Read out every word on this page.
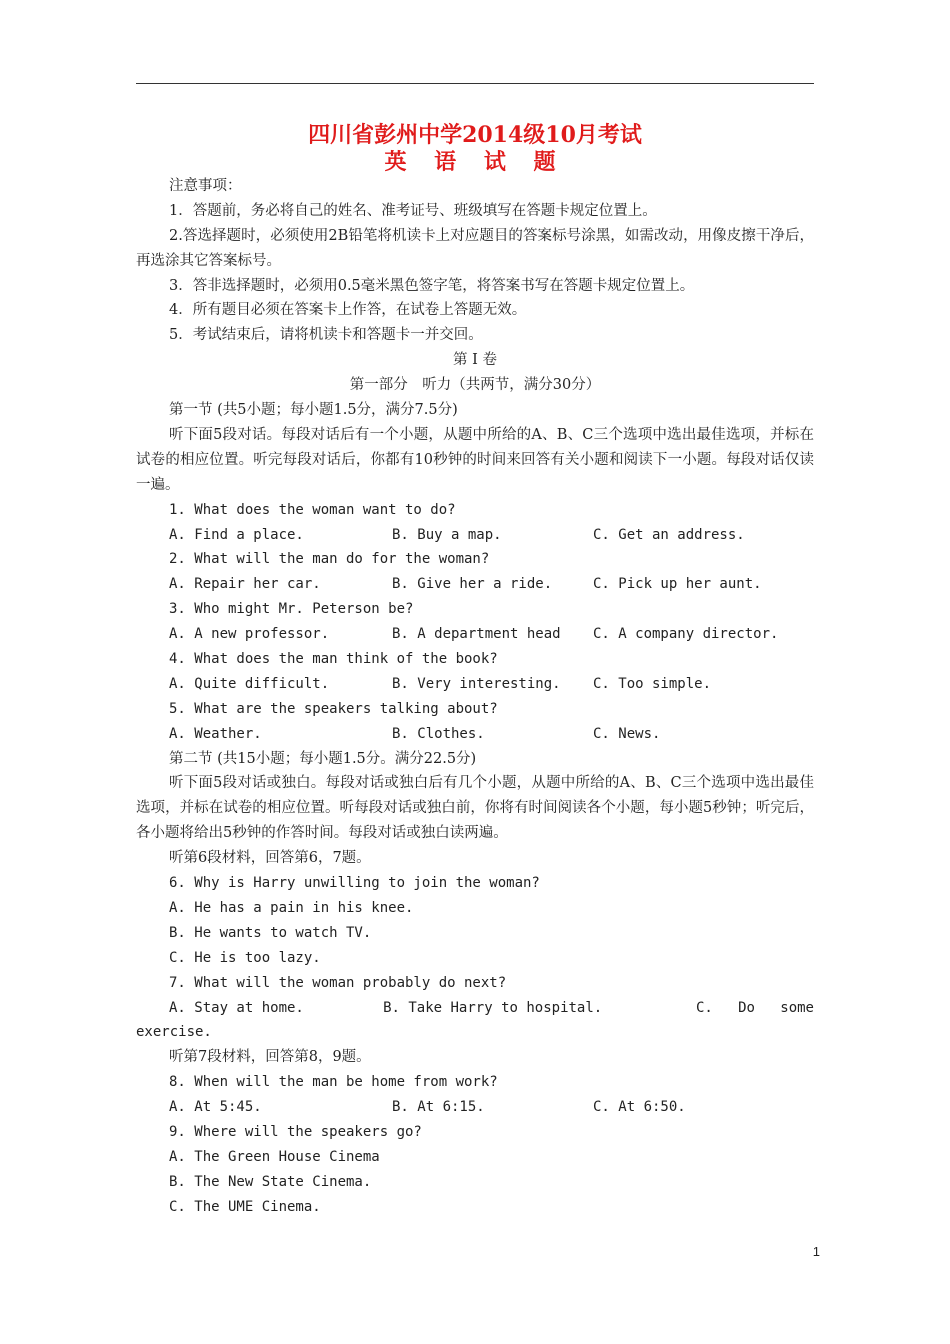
四川省彭州中学2014级10月考试
英 语 试 题
注意事项：
1．答题前，务必将自己的姓名、准考证号、班级填写在答题卡规定位置上。
2.答选择题时，必须使用2B铅笔将机读卡上对应题目的答案标号涂黑，如需改动，用像皮擦干净后，再选涂其它答案标号。
3．答非选择题时，必须用0.5毫米黑色签字笔，将答案书写在答题卡规定位置上。
4．所有题目必须在答案卡上作答，在试卷上答题无效。
5．考试结束后，请将机读卡和答题卡一并交回。
第 I 卷
第一部分　听力（共两节，满分30分）
第一节 (共5小题；每小题1.5分，满分7.5分)
听下面5段对话。每段对话后有一个小题，从题中所给的A、B、C三个选项中选出最佳选项，并标在试卷的相应位置。听完每段对话后，你都有10秒钟的时间来回答有关小题和阅读下一小题。每段对话仅读一遍。
1. What does the woman want to do?
A. Find a place.	B. Buy a map.	C. Get an address.
2. What will the man do for the woman?
A. Repair her car.	B. Give her a ride.	C. Pick up her aunt.
3. Who might Mr. Peterson be?
A. A new professor.	B. A department head	C. A company director.
4. What does the man think of the book?
A. Quite difficult.	B. Very interesting.	C. Too simple.
5. What are the speakers talking about?
A. Weather.	B. Clothes.	C. News.
第二节 (共15小题；每小题1.5分。满分22.5分)
听下面5段对话或独白。每段对话或独白后有几个小题，从题中所给的A、B、C三个选项中选出最佳选项，并标在试卷的相应位置。听每段对话或独白前，你将有时间阅读各个小题，每小题5秒钟；听完后，各小题将给出5秒钟的作答时间。每段对话或独白读两遍。
听第6段材料，回答第6，7题。
6. Why is Harry unwilling to join the woman?
A. He has a pain in his knee.
B. He wants to watch TV.
C. He is too lazy.
7. What will the woman probably do next?
A. Stay at home.	B. Take Harry to hospital.	C.   Do   some
exercise.
听第7段材料，回答第8，9题。
8. When will the man be home from work?
A. At 5:45.	B. At 6:15.	C. At 6:50.
9. Where will the speakers go?
A. The Green House Cinema
B. The New State Cinema.
C. The UME Cinema.
1
